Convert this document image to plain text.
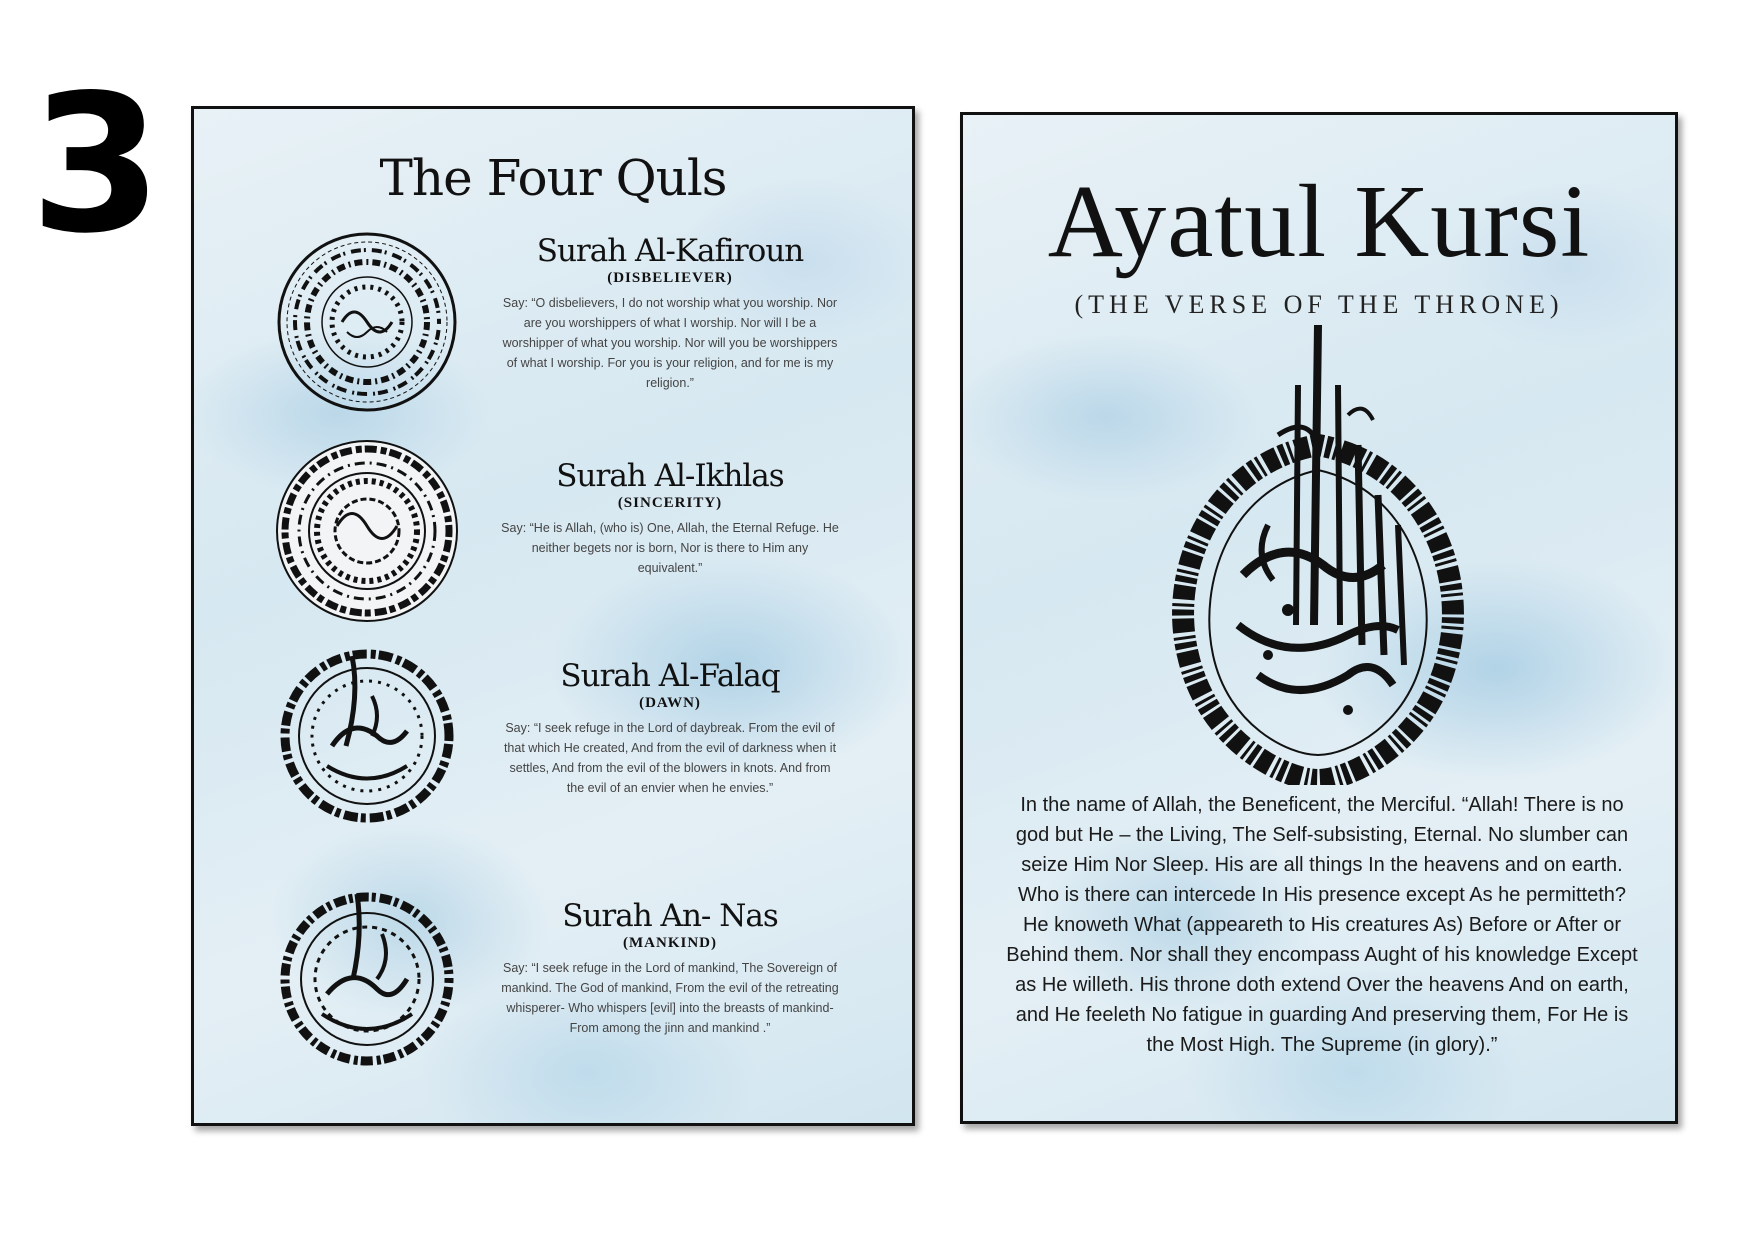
3	The Four Quls
Surah Al-Kafiroun
(DISBELIEVER)
Say: “O disbelievers, I do not worship what you worship. Nor are you worshippers of what I worship. Nor will I be a worshipper of what you worship. Nor will you be worshippers of what I worship. For you is your religion, and for me is my religion.”
Surah Al-Ikhlas
(SINCERITY)
Say: “He is Allah, (who is) One, Allah, the Eternal Refuge. He neither begets nor is born, Nor is there to Him any equivalent.”
Surah Al-Falaq
(DAWN)
Say: “I seek refuge in the Lord of daybreak. From the evil of that which He created, And from the evil of darkness when it settles, And from the evil of the blowers in knots. And from the evil of an envier when he envies.”
Surah An- Nas
(MANKIND)
Say: “I seek refuge in the Lord of mankind, The Sovereign of mankind. The God of mankind, From the evil of the retreating whisperer- Who whispers [evil] into the breasts of mankind- From among the jinn and mankind .”
Ayatul Kursi
(THE VERSE OF THE THRONE)
In the name of Allah, the Beneficent, the Merciful. “Allah! There is no god but He – the Living, The Self-subsisting, Eternal. No slumber can seize Him Nor Sleep. His are all things In the heavens and on earth. Who is there can intercede In His presence except As he permitteth? He knoweth What (appeareth to His creatures As) Before or After or Behind them. Nor shall they encompass Aught of his knowledge Except as He willeth. His throne doth extend Over the heavens And on earth, and He feeleth No fatigue in guarding And preserving them, For He is the Most High. The Supreme (in glory).”
